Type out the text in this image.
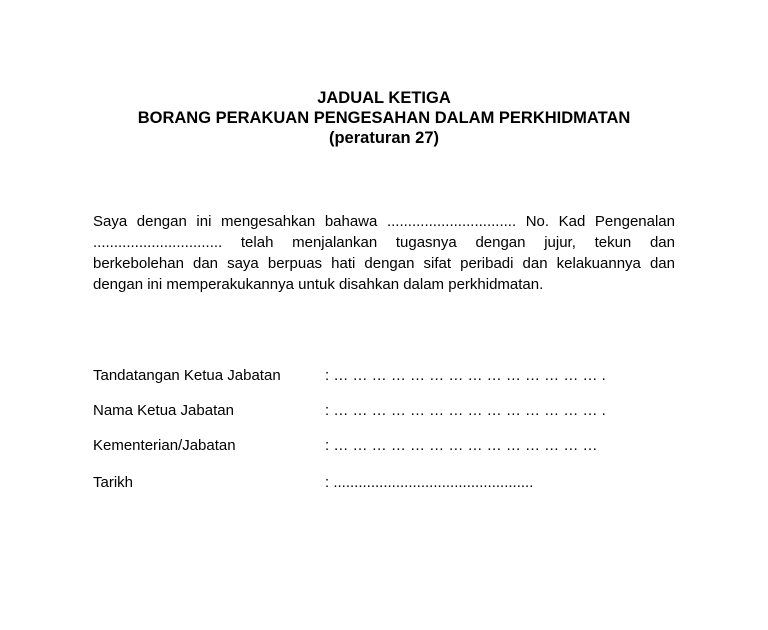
JADUAL KETIGA
BORANG PERAKUAN PENGESAHAN DALAM PERKHIDMATAN
(peraturan 27)
Saya dengan ini mengesahkan bahawa ............................... No. Kad Pengenalan
............................... telah menjalankan tugasnya dengan jujur, tekun dan
berkebolehan dan saya berpuas hati dengan sifat peribadi dan kelakuannya dan
dengan ini memperakukannya untuk disahkan dalam perkhidmatan.
Tandatangan Ketua Jabatan	: … … … … … … … … … … … … … … .
Nama Ketua Jabatan	: … … … … … … … … … … … … … … .
Kementerian/Jabatan	: … … … … … … … … … … … … … …
Tarikh	: ................................................
